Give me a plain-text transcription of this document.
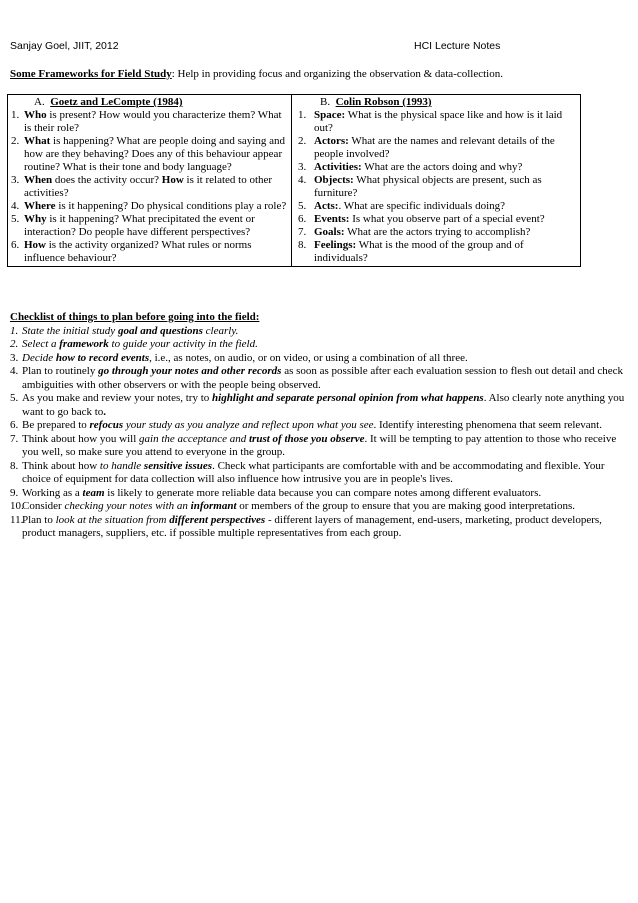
Sanjay Goel, JIIT, 2012	HCI Lecture Notes
Some Frameworks for Field Study: Help in providing focus and organizing the observation & data-collection.
A. Goetz and LeCompte (1984)
1. Who is present? How would you characterize them? What is their role?
2. What is happening? What are people doing and saying and how are they behaving? Does any of this behaviour appear routine? What is their tone and body language?
3. When does the activity occur? How is it related to other activities?
4. Where is it happening? Do physical conditions play a role?
5. Why is it happening? What precipitated the event or interaction? Do people have different perspectives?
6. How is the activity organized? What rules or norms influence behaviour?

B. Colin Robson (1993)
1. Space: What is the physical space like and how is it laid out?
2. Actors: What are the names and relevant details of the people involved?
3. Activities: What are the actors doing and why?
4. Objects: What physical objects are present, such as furniture?
5. Acts:. What are specific individuals doing?
6. Events: Is what you observe part of a special event?
7. Goals: What are the actors trying to accomplish?
8. Feelings: What is the mood of the group and of individuals?
Checklist of things to plan before going into the field:
1. State the initial study goal and questions clearly.
2. Select a framework to guide your activity in the field.
3. Decide how to record events, i.e., as notes, on audio, or on video, or using a combination of all three.
4. Plan to routinely go through your notes and other records as soon as possible after each evaluation session to flesh out detail and check ambiguities with other observers or with the people being observed.
5. As you make and review your notes, try to highlight and separate personal opinion from what happens. Also clearly note anything you want to go back to.
6. Be prepared to refocus your study as you analyze and reflect upon what you see. Identify interesting phenomena that seem relevant.
7. Think about how you will gain the acceptance and trust of those you observe. It will be tempting to pay attention to those who receive you well, so make sure you attend to everyone in the group.
8. Think about how to handle sensitive issues. Check what participants are comfortable with and be accommodating and flexible. Your choice of equipment for data collection will also influence how intrusive you are in people's lives.
9. Working as a team is likely to generate more reliable data because you can compare notes among different evaluators.
10.
Consider checking your notes with an informant or members of the group to ensure that you are making good interpretations.
11.
Plan to look at the situation from different perspectives - different layers of management, end-users, marketing, product developers, product managers, suppliers, etc. if possible multiple representatives from each group.
